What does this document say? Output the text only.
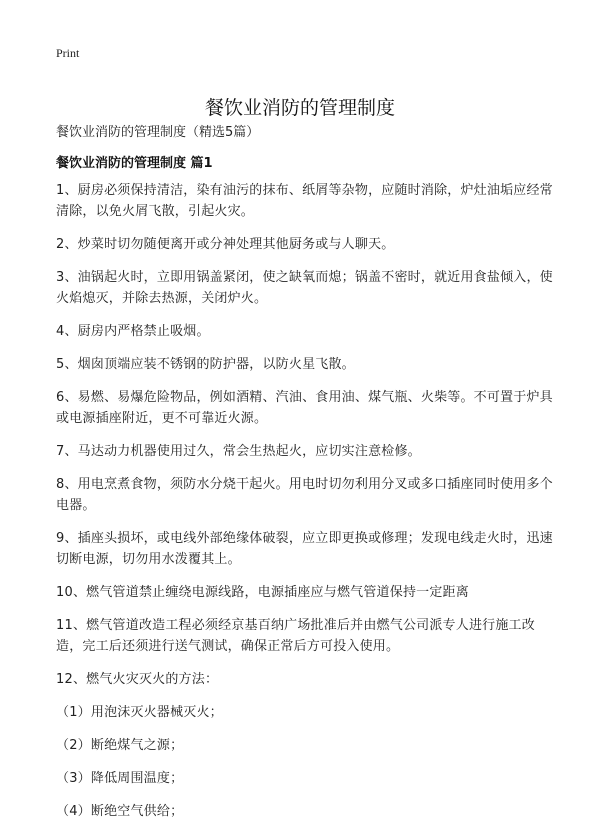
Print
餐饮业消防的管理制度
餐饮业消防的管理制度（精选5篇）
餐饮业消防的管理制度 篇1
1、厨房必须保持清洁，染有油污的抹布、纸屑等杂物，应随时消除，炉灶油垢应经常清除，以免火屑飞散，引起火灾。
2、炒菜时切勿随便离开或分神处理其他厨务或与人聊天。
3、油锅起火时，立即用锅盖紧闭，使之缺氧而熄；锅盖不密时，就近用食盐倾入，使火焰熄灭，并除去热源，关闭炉火。
4、厨房内严格禁止吸烟。
5、烟囱顶端应装不锈钢的防护器，以防火星飞散。
6、易燃、易爆危险物品，例如酒精、汽油、食用油、煤气瓶、火柴等。不可置于炉具或电源插座附近，更不可靠近火源。
7、马达动力机器使用过久，常会生热起火，应切实注意检修。
8、用电烹煮食物，须防水分烧干起火。用电时切勿利用分叉或多口插座同时使用多个电器。
9、插座头损坏，或电线外部绝缘体破裂，应立即更换或修理；发现电线走火时，迅速切断电源，切勿用水泼覆其上。
10、燃气管道禁止缠绕电源线路，电源插座应与燃气管道保持一定距离
11、燃气管道改造工程必须经京基百纳广场批准后并由燃气公司派专人进行施工改造，完工后还须进行送气测试，确保正常后方可投入使用。
12、燃气火灾灭火的方法：
（1）用泡沫灭火器械灭火；
（2）断绝煤气之源；
（3）降低周围温度；
（4）断绝空气供给；
